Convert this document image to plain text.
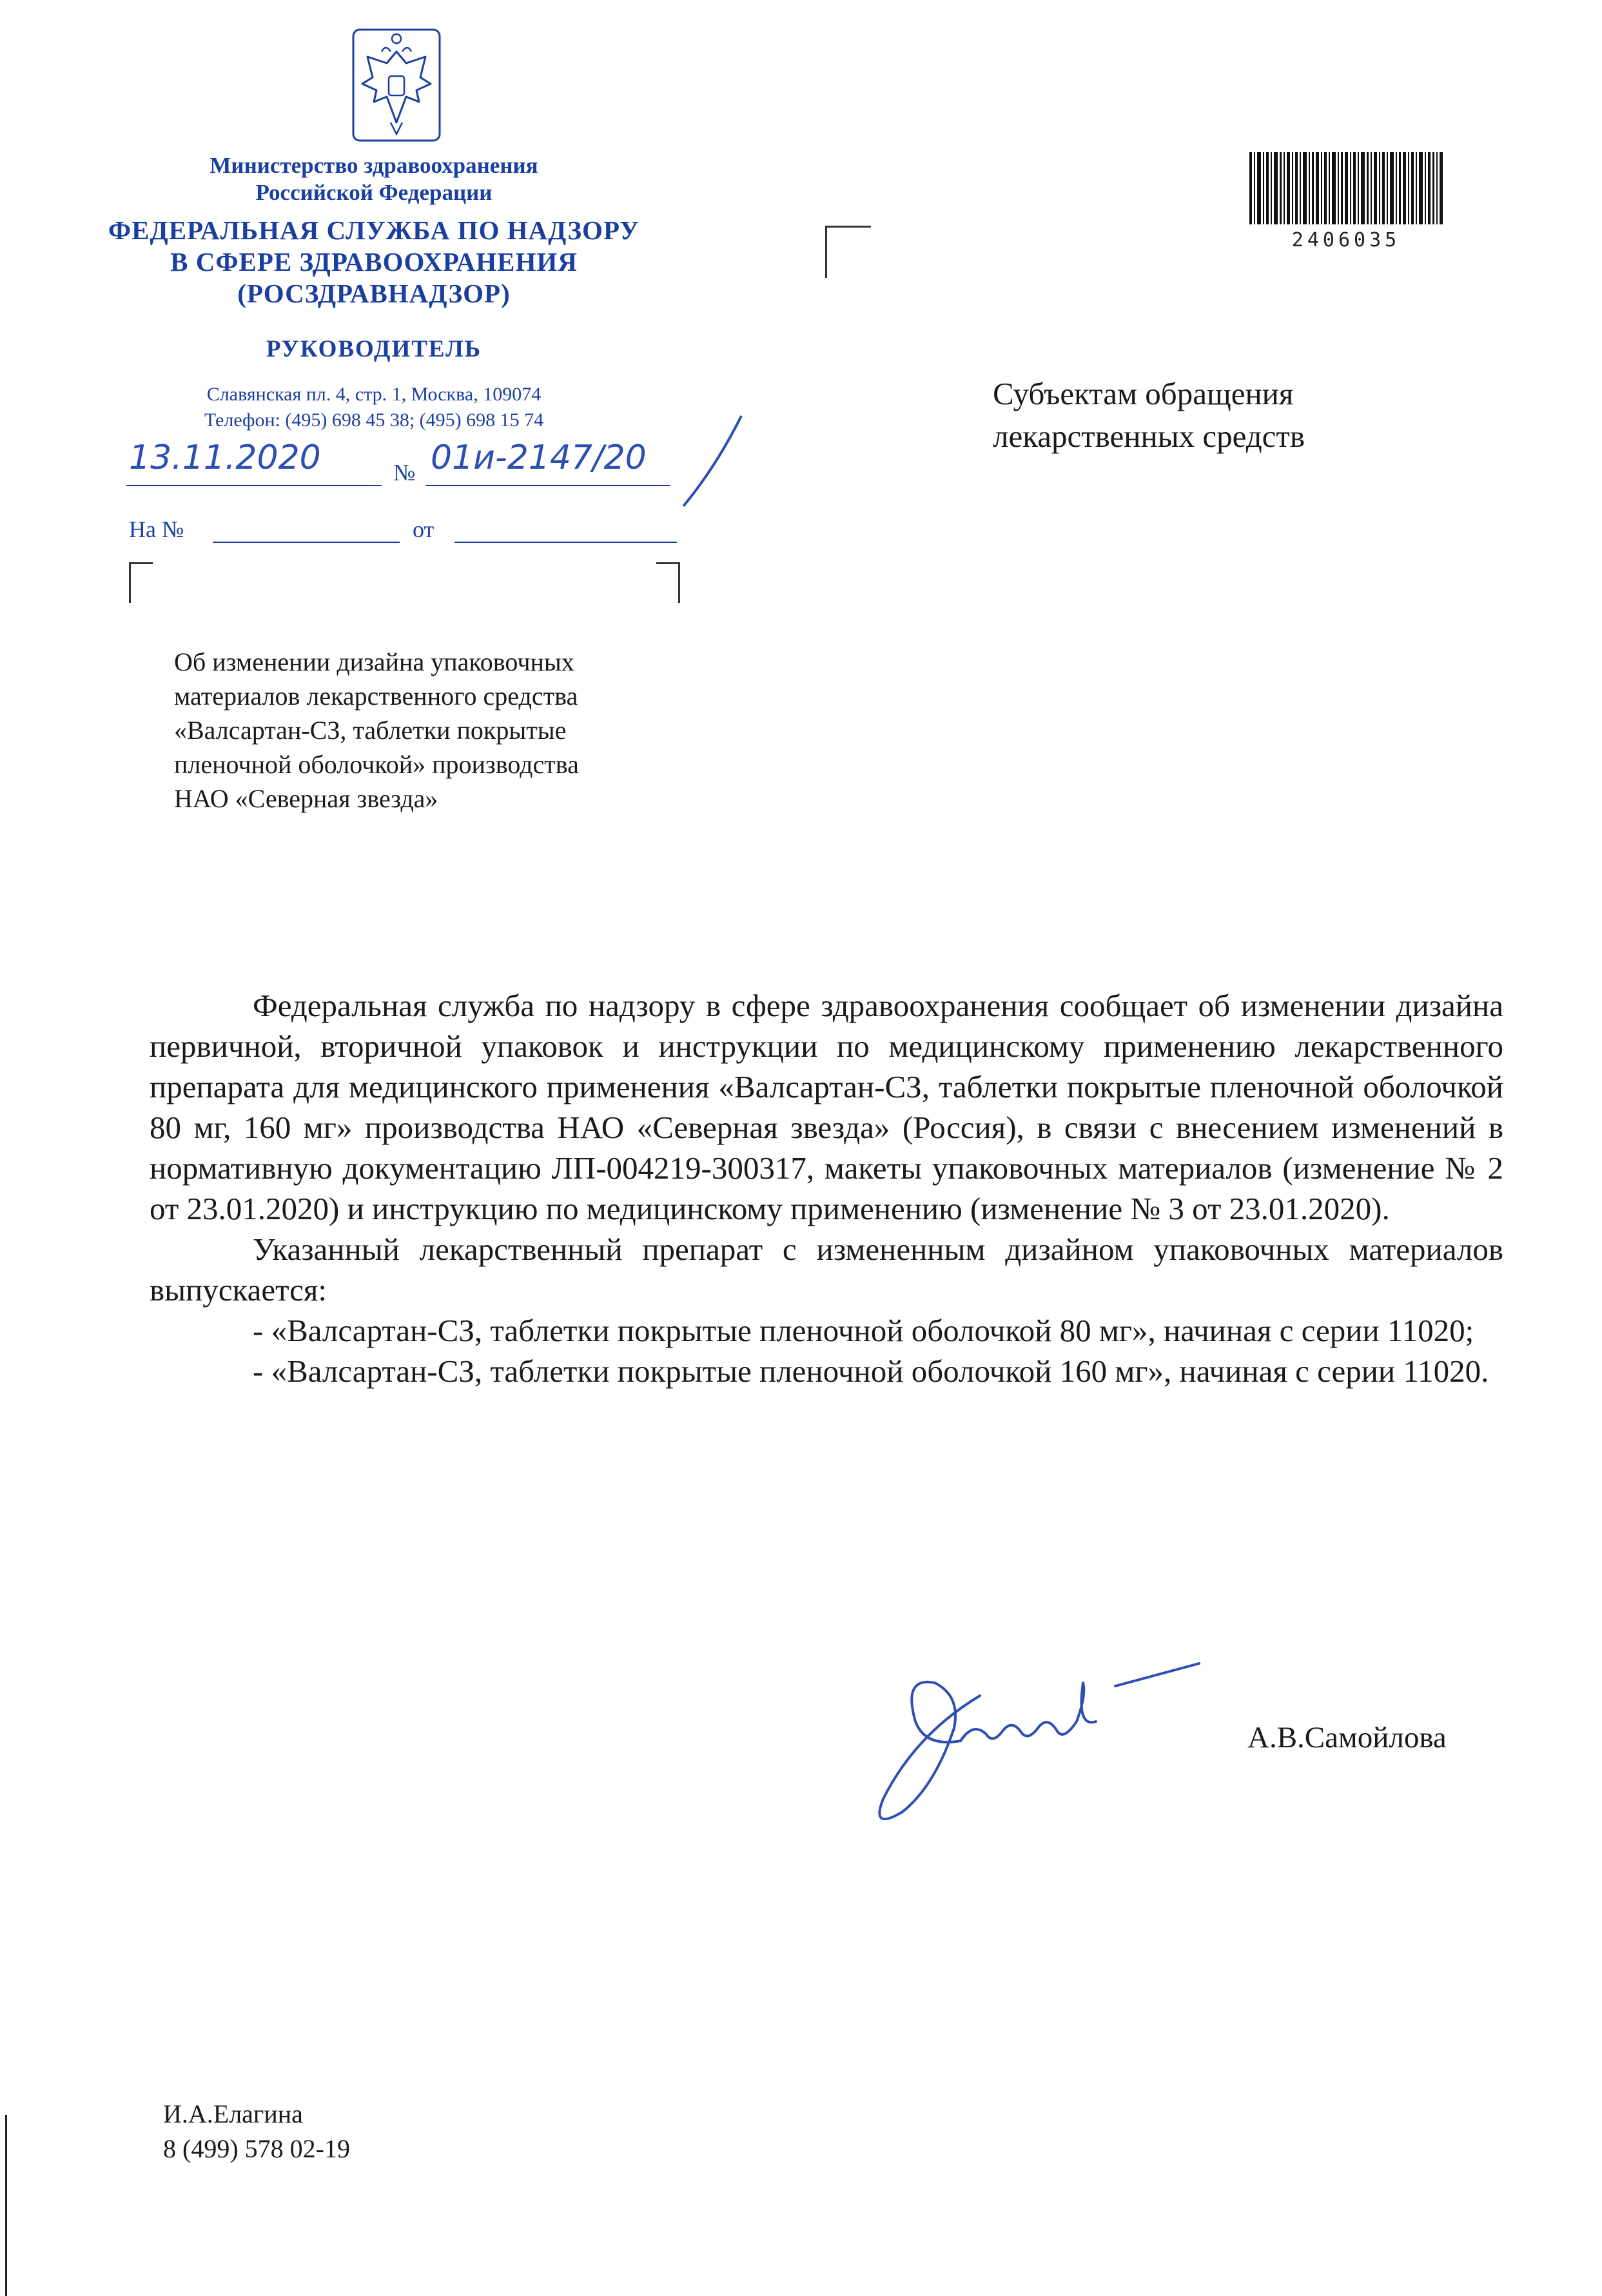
Министерство здравоохранения
Российской Федерации
ФЕДЕРАЛЬНАЯ СЛУЖБА ПО НАДЗОРУ
В СФЕРЕ ЗДРАВООХРАНЕНИЯ
(РОСЗДРАВНАДЗОР)
РУКОВОДИТЕЛЬ
Славянская пл. 4, стр. 1, Москва, 109074
Телефон: (495) 698 45 38; (495) 698 15 74
13.11.2020	№ 01и-2147/20
На №	от
2406035
Субъектам обращения
лекарственных средств
Об изменении дизайна упаковочных
материалов лекарственного средства
«Валсартан-СЗ, таблетки покрытые
пленочной оболочкой» производства
НАО «Северная звезда»

Федеральная служба по надзору в сфере здравоохранения сообщает об изменении дизайна первичной, вторичной упаковок и инструкции по медицинскому применению лекарственного препарата для медицинского применения «Валсартан-СЗ, таблетки покрытые пленочной оболочкой 80 мг, 160 мг» производства НАО «Северная звезда» (Россия), в связи с внесением изменений в нормативную документацию ЛП-004219-300317, макеты упаковочных материалов (изменение № 2 от 23.01.2020) и инструкцию по медицинскому применению (изменение № 3 от 23.01.2020).

Указанный лекарственный препарат с измененным дизайном упаковочных материалов выпускается:

- «Валсартан-СЗ, таблетки покрытые пленочной оболочкой 80 мг», начиная с серии 11020;

- «Валсартан-СЗ, таблетки покрытые пленочной оболочкой 160 мг», начиная с серии 11020.

А.В.Самойлова
И.А.Елагина
8 (499) 578 02-19
